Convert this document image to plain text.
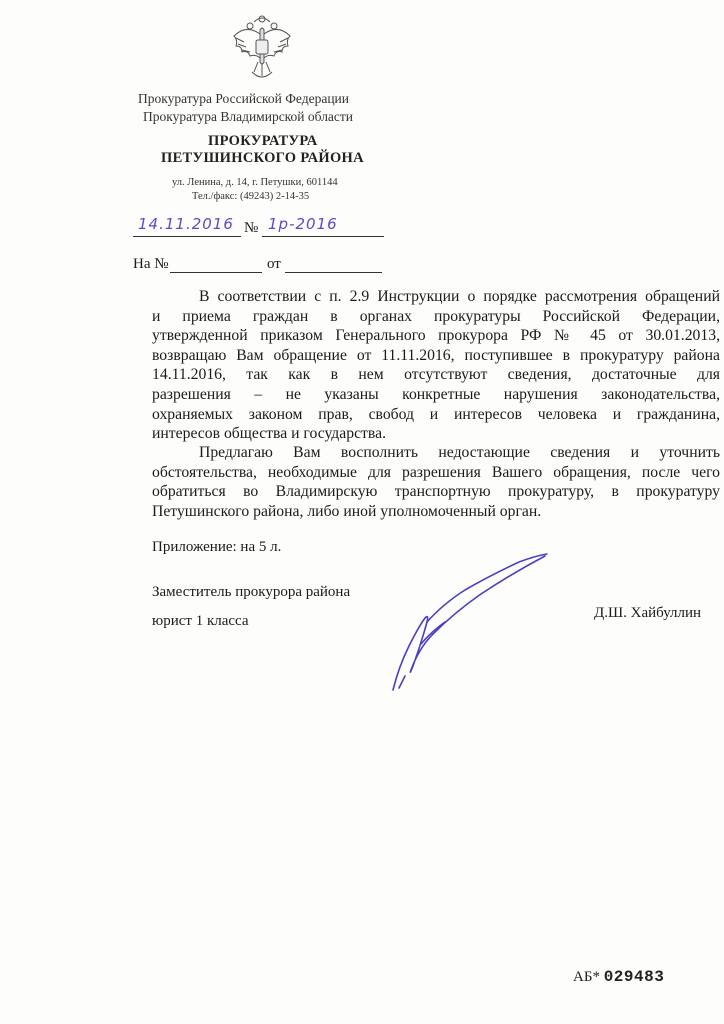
Прокуратура Российской Федерации
Прокуратура Владимирской области
ПРОКУРАТУРА
ПЕТУШИНСКОГО РАЙОНА
ул. Ленина, д. 14, г. Петушки, 601144
Тел./факс: (49243) 2-14-35
14.11.2016 № 1р-2016
На №	от
В соответствии с п. 2.9 Инструкции о порядке рассмотрения обращений
и приема граждан в органах прокуратуры Российской Федерации,
утвержденной приказом Генерального прокурора РФ № 45 от 30.01.2013,
возвращаю Вам обращение от 11.11.2016, поступившее в прокуратуру района
14.11.2016, так как в нем отсутствуют сведения, достаточные для
разрешения – не указаны конкретные нарушения законодательства,
охраняемых законом прав, свобод и интересов человека и гражданина,
интересов общества и государства.
Предлагаю Вам восполнить недостающие сведения и уточнить
обстоятельства, необходимые для разрешения Вашего обращения, после чего
обратиться во Владимирскую транспортную прокуратуру, в прокуратуру
Петушинского района, либо иной уполномоченный орган.
Приложение: на 5 л.
Заместитель прокурора района
юрист 1 класса	Д.Ш. Хайбуллин
АБ* 029483
